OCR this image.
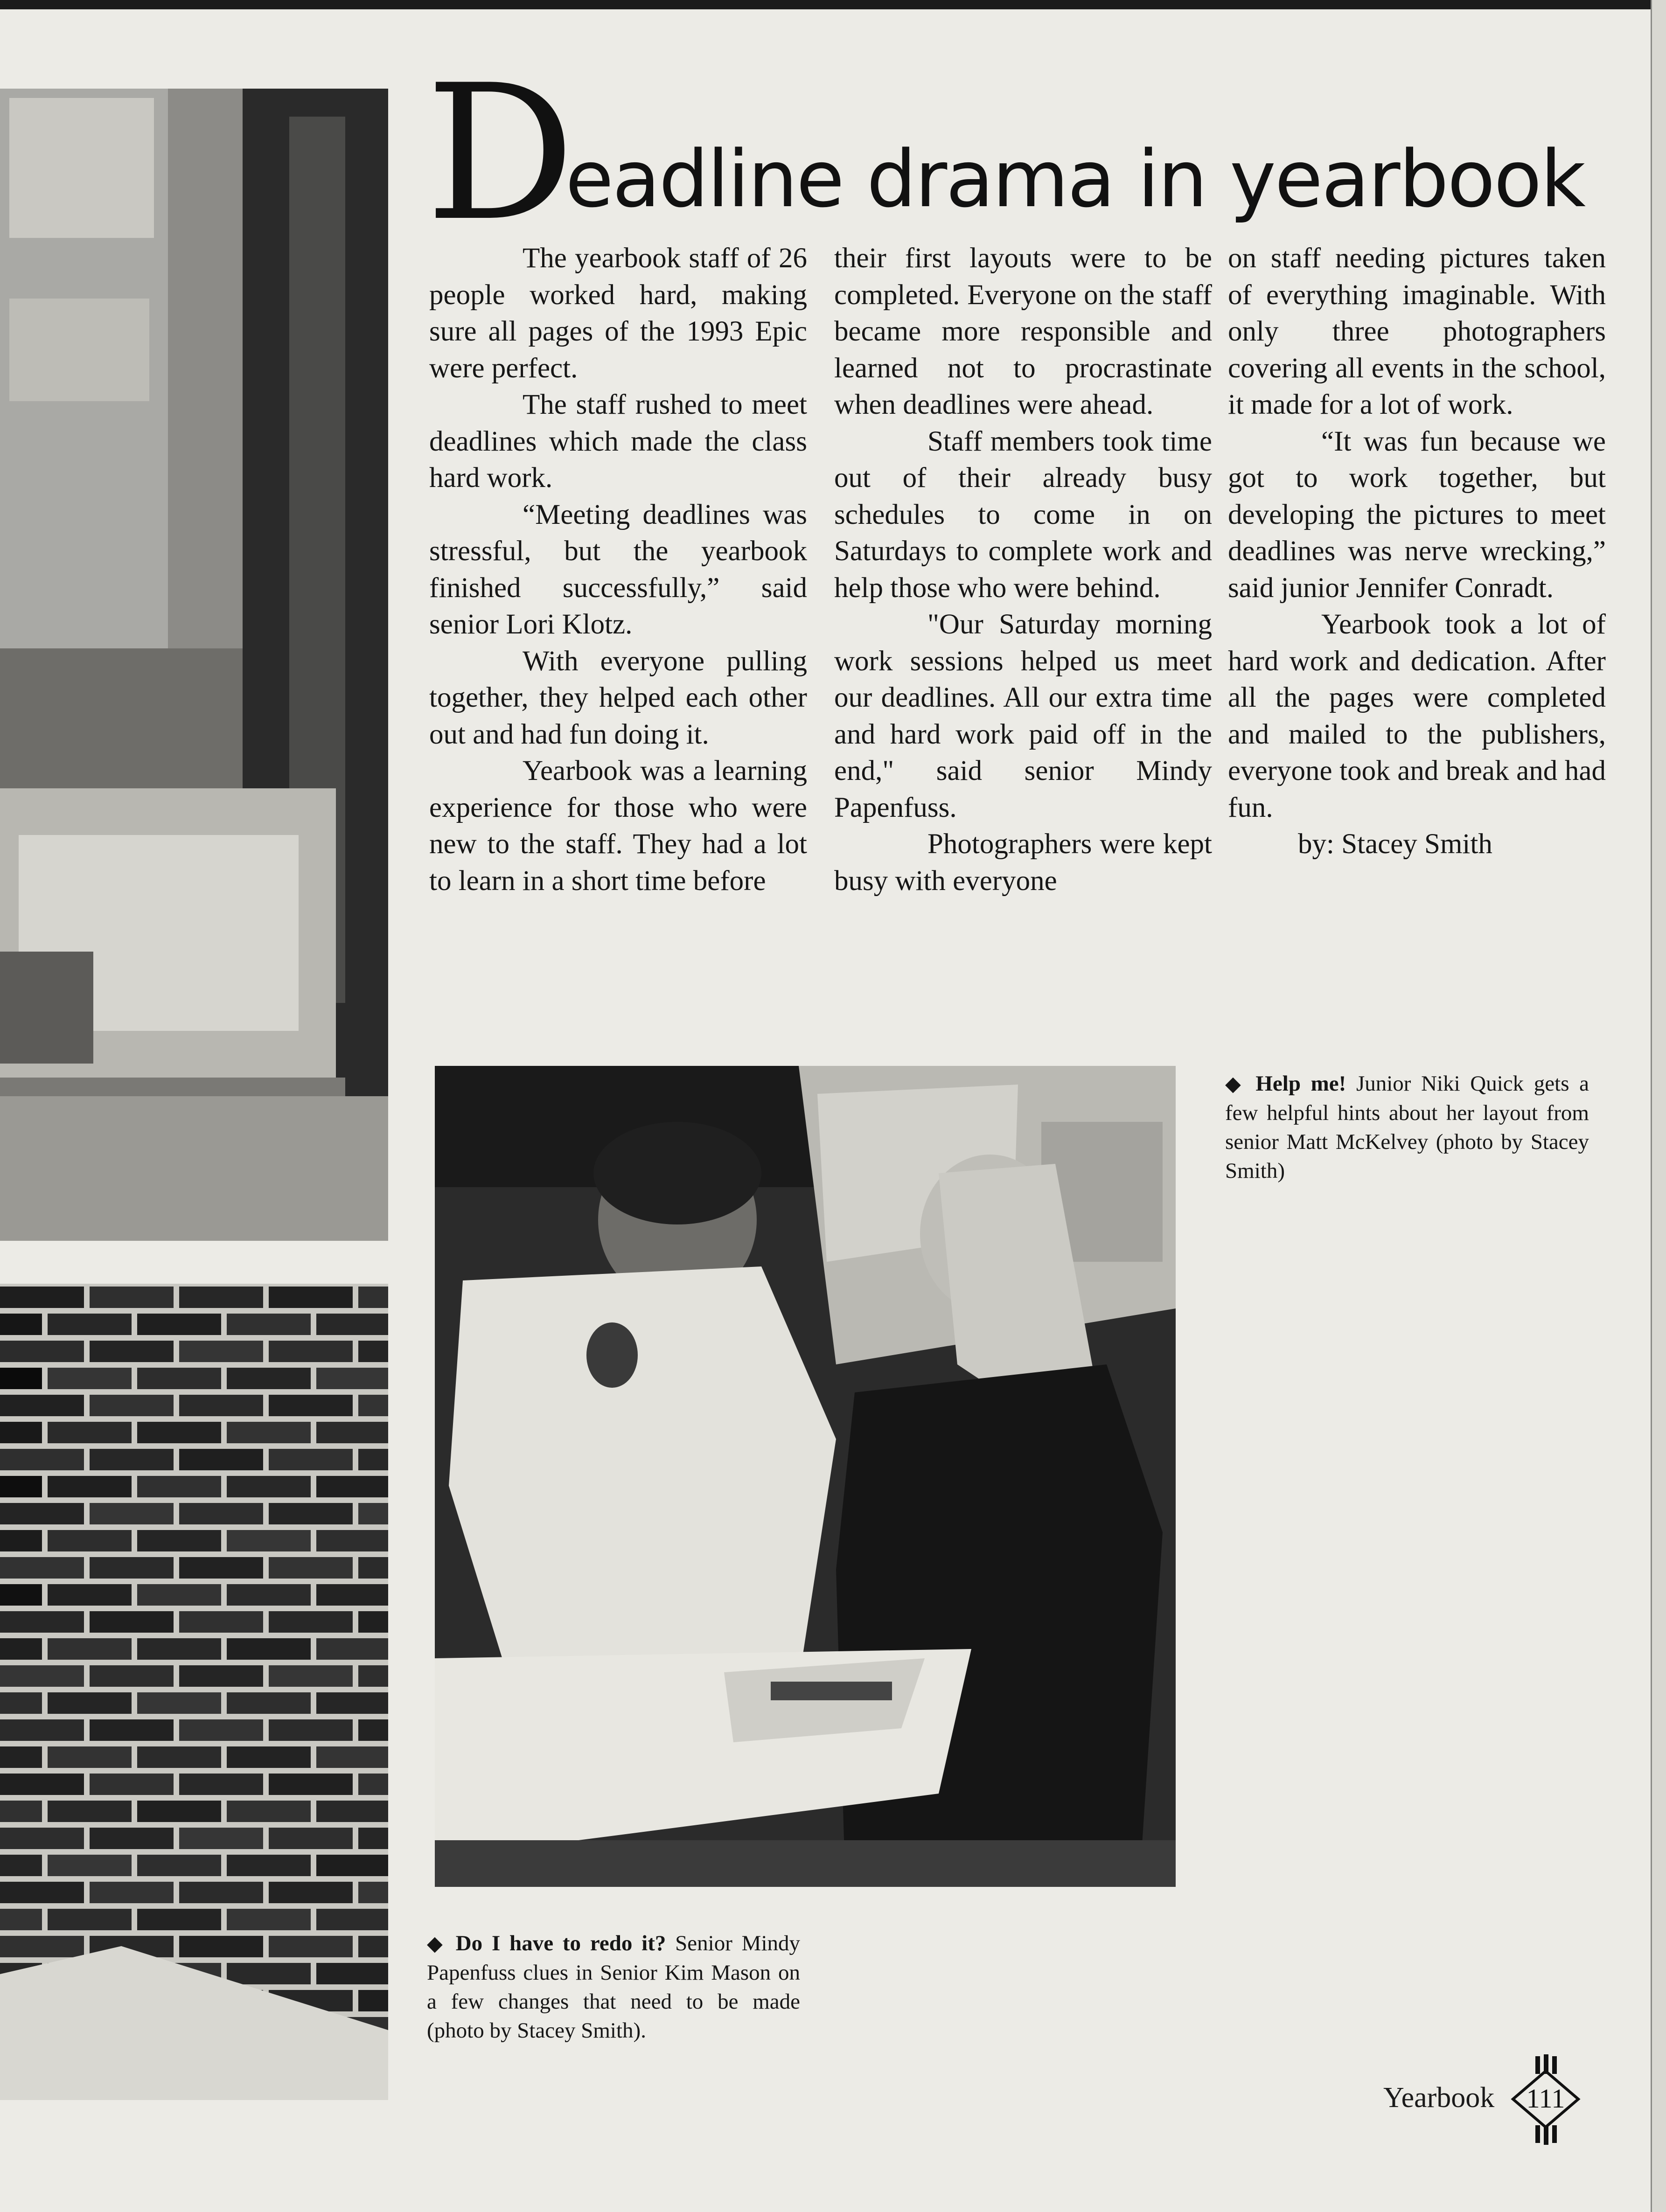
D
eadline drama in yearbook

The yearbook staff of 26 people worked hard, making sure all pages of the 1993 Epic were perfect.

The staff rushed to meet deadlines which made the class hard work.

“Meeting deadlines was stressful, but the yearbook finished successfully,” said senior Lori Klotz.

With everyone pulling together, they helped each other out and had fun doing it.

Yearbook was a learning experience for those who were new to the staff. They had a lot to learn in a short time before

their first layouts were to be completed. Everyone on the staff became more responsible and learned not to procrastinate when deadlines were ahead.

Staff members took time out of their already busy schedules to come in on Saturdays to complete work and help those who were behind.

"Our Saturday morning work sessions helped us meet our deadlines. All our extra time and hard work paid off in the end," said senior Mindy Papenfuss.

Photographers were kept busy with everyone

on staff needing pictures taken of everything imaginable. With only three photographers covering all events in the school, it made for a lot of work.

“It was fun because we got to work together, but developing the pictures to meet deadlines was nerve wrecking,” said junior Jennifer Conradt.

Yearbook took a lot of hard work and dedication. After all the pages were completed and mailed to the publishers, everyone took and break and had fun.

by: Stacey Smith

◆ Help me! Junior Niki Quick gets a few helpful hints about her layout from senior Matt McKelvey (photo by Stacey Smith)
◆ Do I have to redo it? Senior Mindy Papenfuss clues in Senior Kim Mason on a few changes that need to be made (photo by Stacey Smith).
Yearbook	111
